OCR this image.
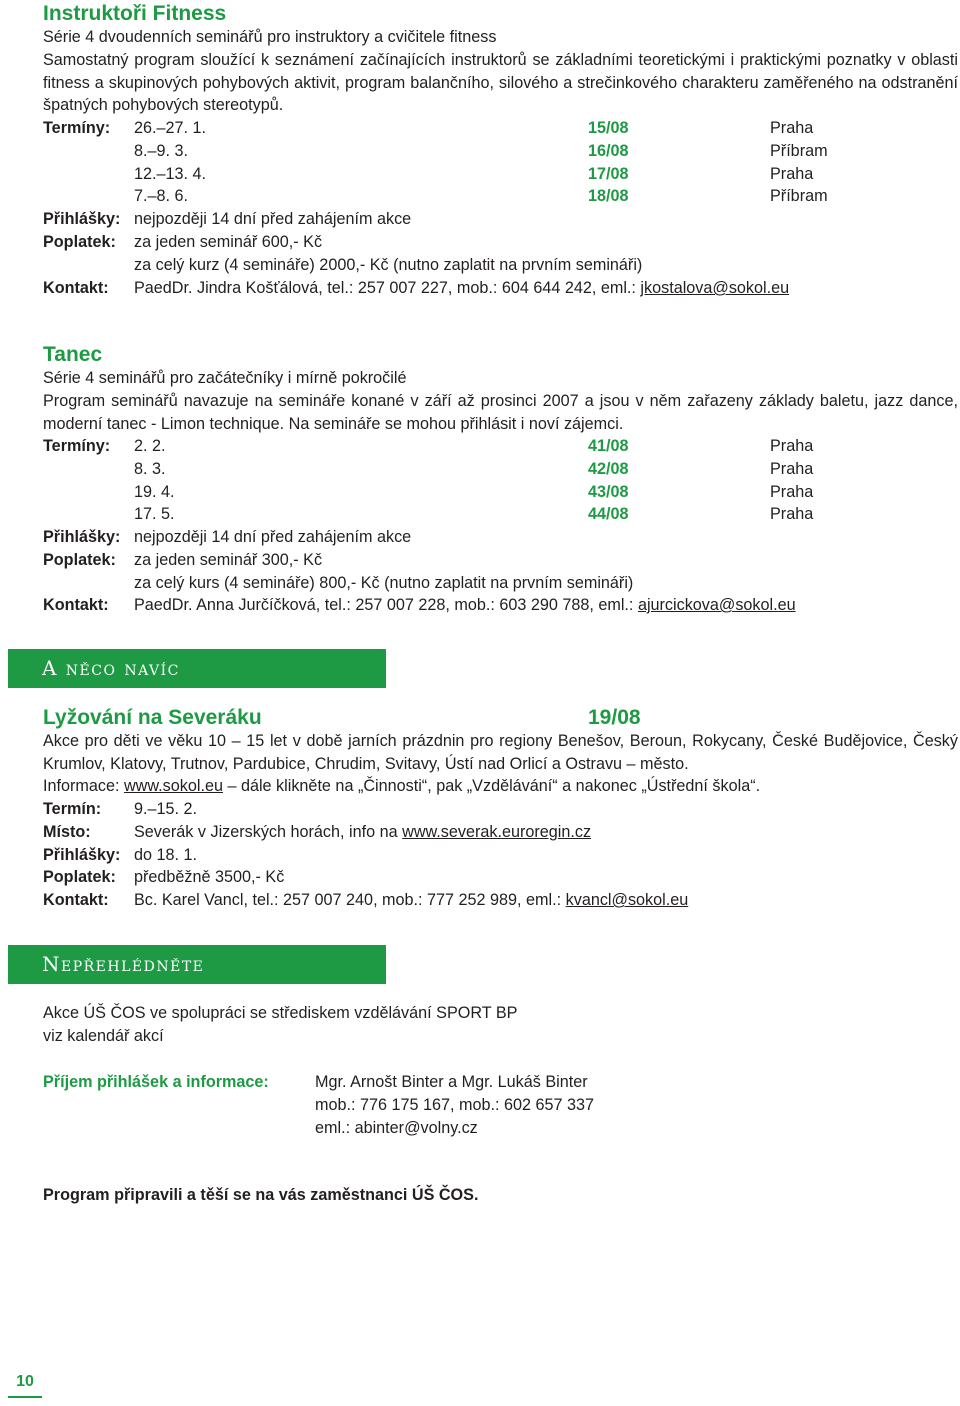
Instruktoři Fitness
Série 4 dvoudenních seminářů pro instruktory a cvičitele fitness
Samostatný program sloužící k seznámení začínajících instruktorů se základními teoretickými i praktickými poznatky v oblasti fitness a skupinových pohybových aktivit, program balančního, silového a strečinkového charakteru zaměřeného na odstranění špatných pohybových stereotypů.
Termíny: 26.–27. 1.	15/08	Praha
8.–9. 3.	16/08	Příbram
12.–13. 4.	17/08	Praha
7.–8. 6.	18/08	Příbram
Přihlášky: nejpozději 14 dní před zahájením akce
Poplatek: za jeden seminář 600,- Kč
za celý kurz (4 semináře) 2000,- Kč (nutno zaplatit na prvním semináři)
Kontakt: PaedDr. Jindra Košťálová, tel.: 257 007 227, mob.: 604 644 242, eml.: jkostalova@sokol.eu
Tanec
Série 4 seminářů pro začátečníky i mírně pokročilé
Program seminářů navazuje na semináře konané v září až prosinci 2007 a jsou v něm zařazeny základy baletu, jazz dance, moderní tanec - Limon technique. Na semináře se mohou přihlásit i noví zájemci.
Termíny: 2. 2.	41/08	Praha
8. 3.	42/08	Praha
19. 4.	43/08	Praha
17. 5.	44/08	Praha
Přihlášky: nejpozději 14 dní před zahájením akce
Poplatek: za jeden seminář 300,- Kč
za celý kurs (4 semináře) 800,- Kč (nutno zaplatit na prvním semináři)
Kontakt: PaedDr. Anna Jurčíčková, tel.: 257 007 228, mob.: 603 290 788, eml.: ajurcickova@sokol.eu
A něco navíc
Lyžování na Severáku	19/08
Akce pro děti ve věku 10 – 15 let v době jarních prázdnin pro regiony Benešov, Beroun, Rokycany, České Budějovice, Český Krumlov, Klatovy, Trutnov, Pardubice, Chrudim, Svitavy, Ústí nad Orlicí a Ostravu – město.
Informace: www.sokol.eu – dále klikněte na „Činnosti“, pak „Vzdělávání“ a nakonec „Ústřední škola“.
Termín: 9.–15. 2.
Místo:	Severák v Jizerských horách, info na www.severak.euroregin.cz
Přihlášky: do 18. 1.
Poplatek: předběžně 3500,- Kč
Kontakt: Bc. Karel Vancl, tel.: 257 007 240, mob.: 777 252 989, eml.: kvancl@sokol.eu
Nepřehlédněte
Akce ÚŠ ČOS ve spolupráci se střediskem vzdělávání SPORT BP
viz kalendář akcí
Příjem přihlášek a informace:	Mgr. Arnošt Binter a Mgr. Lukáš Binter
mob.: 776 175 167, mob.: 602 657 337
eml.: abinter@volny.cz
Program připravili a těší se na vás zaměstnanci ÚŠ ČOS.
10
